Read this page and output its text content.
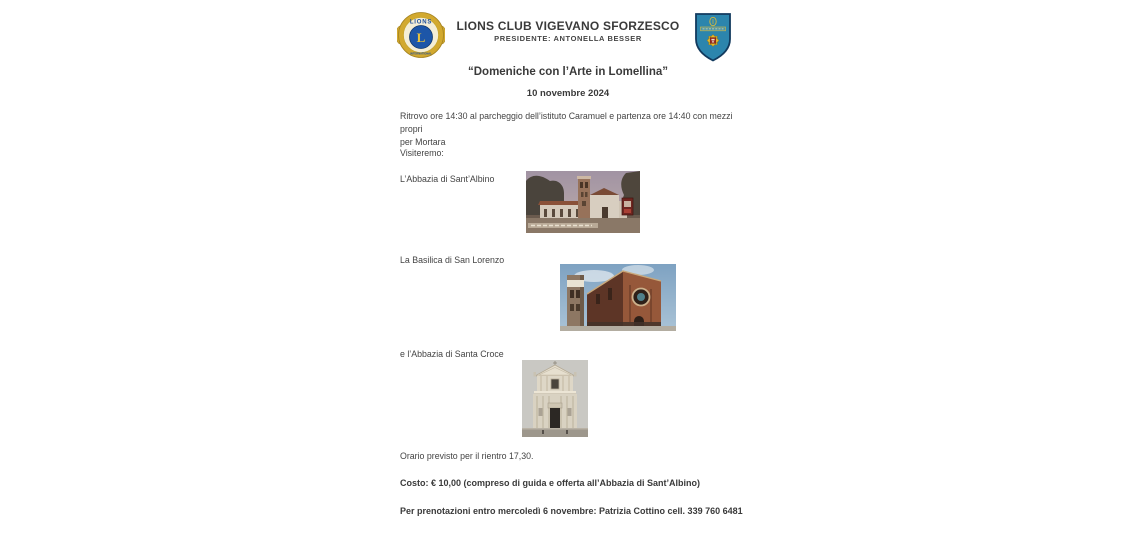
LIONS
L
INTERNATIONAL
LIONS CLUB VIGEVANO SFORZESCO
PRESIDENTE: ANTONELLA BESSER
“Domeniche con l’Arte in Lomellina”
10 novembre 2024
Ritrovo ore 14:30 al parcheggio dell’istituto Caramuel e partenza ore 14:40 con mezzi propri
per Mortara
Visiteremo:
L’Abbazia di Sant’Albino
La Basilica di San Lorenzo
e l’Abbazia di Santa Croce
Orario previsto per il rientro 17,30.
Costo: € 10,00 (compreso di guida e offerta all’Abbazia di Sant’Albino)
Per prenotazioni entro mercoledì 6 novembre: Patrizia Cottino cell. 339 760 6481
